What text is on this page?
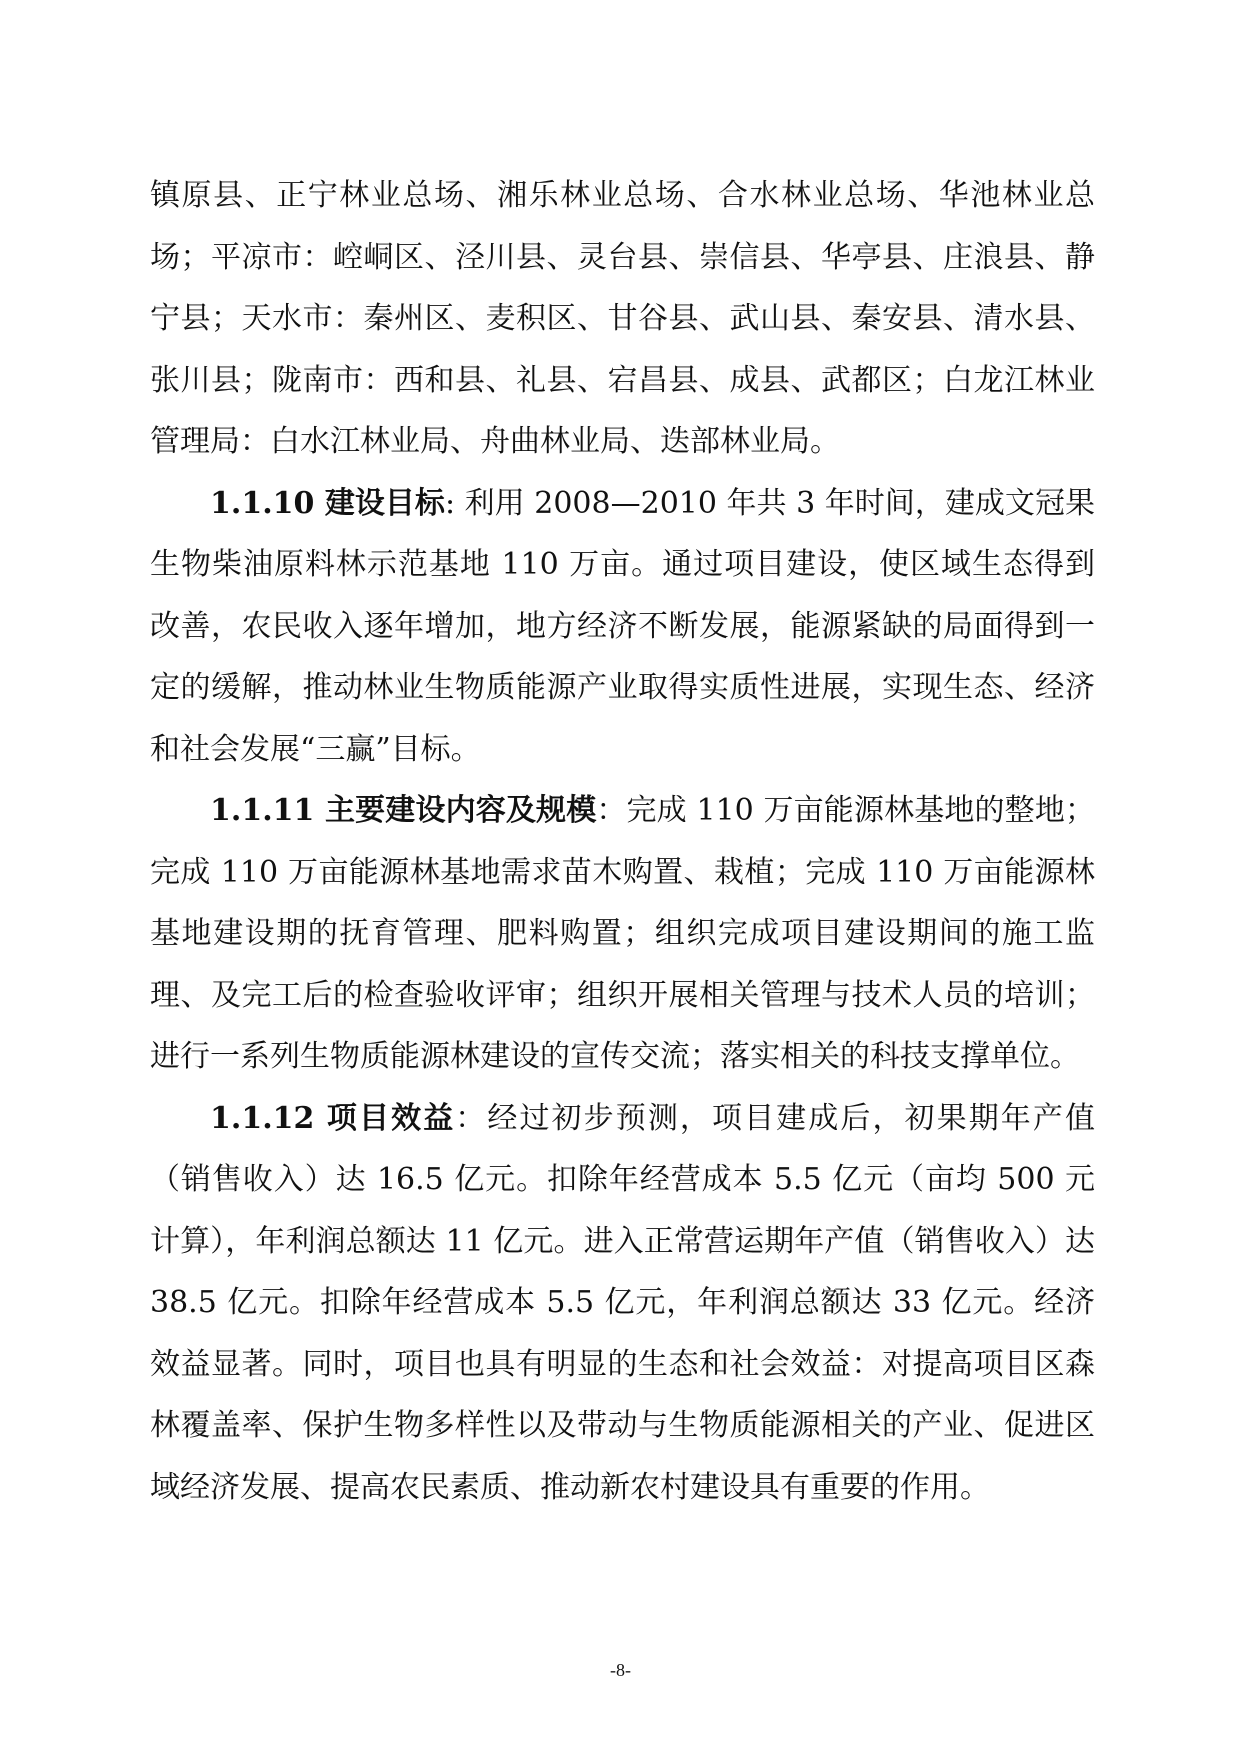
镇原县、正宁林业总场、湘乐林业总场、合水林业总场、华池林业总场；平凉市：崆峒区、泾川县、灵台县、崇信县、华亭县、庄浪县、静宁县；天水市：秦州区、麦积区、甘谷县、武山县、秦安县、清水县、张川县；陇南市：西和县、礼县、宕昌县、成县、武都区；白龙江林业管理局：白水江林业局、舟曲林业局、迭部林业局。

1.1.10 建设目标: 利用 2008—2010 年共 3 年时间，建成文冠果生物柴油原料林示范基地 110 万亩。通过项目建设，使区域生态得到改善，农民收入逐年增加，地方经济不断发展，能源紧缺的局面得到一定的缓解，推动林业生物质能源产业取得实质性进展，实现生态、经济和社会发展“三赢”目标。

1.1.11 主要建设内容及规模：完成 110 万亩能源林基地的整地；完成 110 万亩能源林基地需求苗木购置、栽植；完成 110 万亩能源林基地建设期的抚育管理、肥料购置；组织完成项目建设期间的施工监理、及完工后的检查验收评审；组织开展相关管理与技术人员的培训；进行一系列生物质能源林建设的宣传交流；落实相关的科技支撑单位。

1.1.12 项目效益：经过初步预测，项目建成后，初果期年产值（销售收入）达 16.5 亿元。扣除年经营成本 5.5 亿元（亩均 500 元计算），年利润总额达 11 亿元。进入正常营运期年产值（销售收入）达 38.5 亿元。扣除年经营成本 5.5 亿元，年利润总额达 33 亿元。经济效益显著。同时，项目也具有明显的生态和社会效益：对提高项目区森林覆盖率、保护生物多样性以及带动与生物质能源相关的产业、促进区域经济发展、提高农民素质、推动新农村建设具有重要的作用。

-8-
